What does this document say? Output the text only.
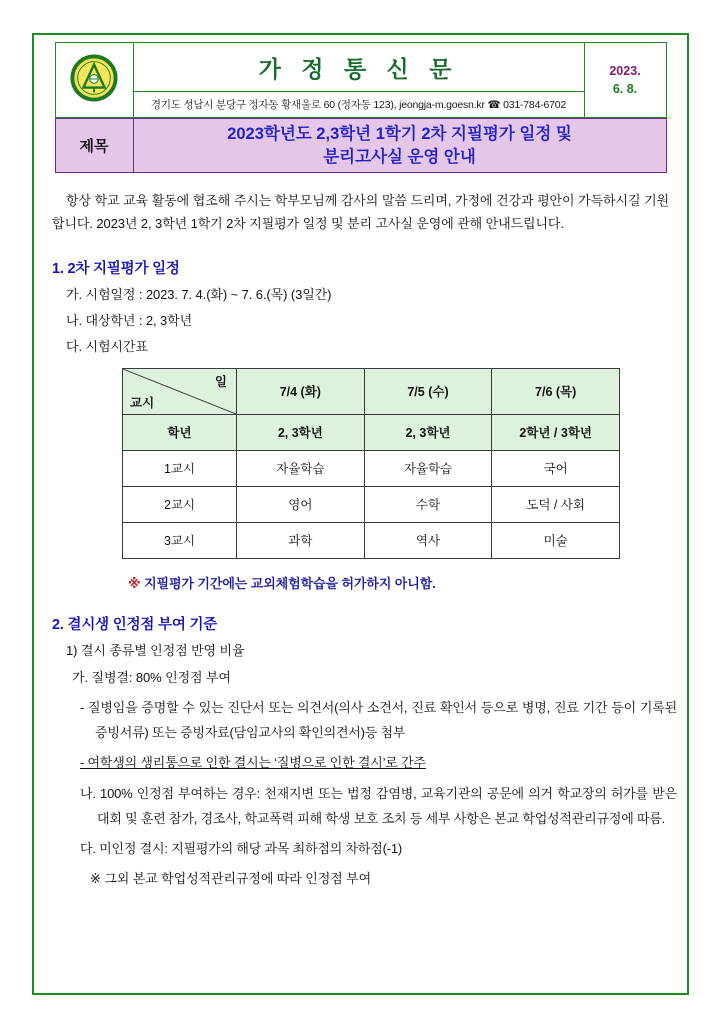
가 정 통 신 문
경기도 성남시 분당구 정자동 황새울로 60 (정자동 123), jeongja-m.goesn.kr ☎ 031-784-6702

2023.
6. 8.
제목	
2023학년도 2,3학년 1학기 2차 지필평가 일정 및
분리고사실 운영 안내

항상 학교 교육 활동에 협조해 주시는 학부모님께 감사의 말씀 드리며, 가정에 건강과 평안이 가득하시길 기원합니다. 2023년 2, 3학년 1학기 2차 지필평가 일정 및 분리 고사실 운영에 관해 안내드립니다.

1. 2차 지필평가 일정
가. 시험일정 : 2023. 7. 4.(화) ~ 7. 6.(목) (3일간)
나. 대상학년 : 2, 3학년
다. 시험시간표
일
교시	7/4 (화)	7/5 (수)	7/6 (목)
학년	2, 3학년	2, 3학년	2학년 / 3학년
1교시	자율학습	자율학습	국어
2교시	영어	수학	도덕 / 사회
3교시	과학	역사	미술
※ 지필평가 기간에는 교외체험학습을 허가하지 아니함.
2. 결시생 인정점 부여 기준
1) 결시 종류별 인정점 반영 비율
가. 질병결: 80% 인정점 부여
- 질병임을 증명할 수 있는 진단서 또는 의견서(의사 소견서, 진료 확인서 등으로 병명, 진료 기간 등이 기록된 증빙서류) 또는 증빙자료(담임교사의 확인의견서)등 첨부
- 여학생의 생리통으로 인한 결시는 ‘질병으로 인한 결시’로 간주
나. 100% 인정점 부여하는 경우: 천재지변 또는 법정 감염병, 교육기관의 공문에 의거 학교장의 허가를 받은 대회 및 훈련 참가, 경조사, 학교폭력 피해 학생 보호 조치 등 세부 사항은 본교 학업성적관리규정에 따름.
다. 미인정 결시: 지필평가의 해당 과목 최하점의 차하점(-1)
※ 그외 본교 학업성적관리규정에 따라 인정점 부여
